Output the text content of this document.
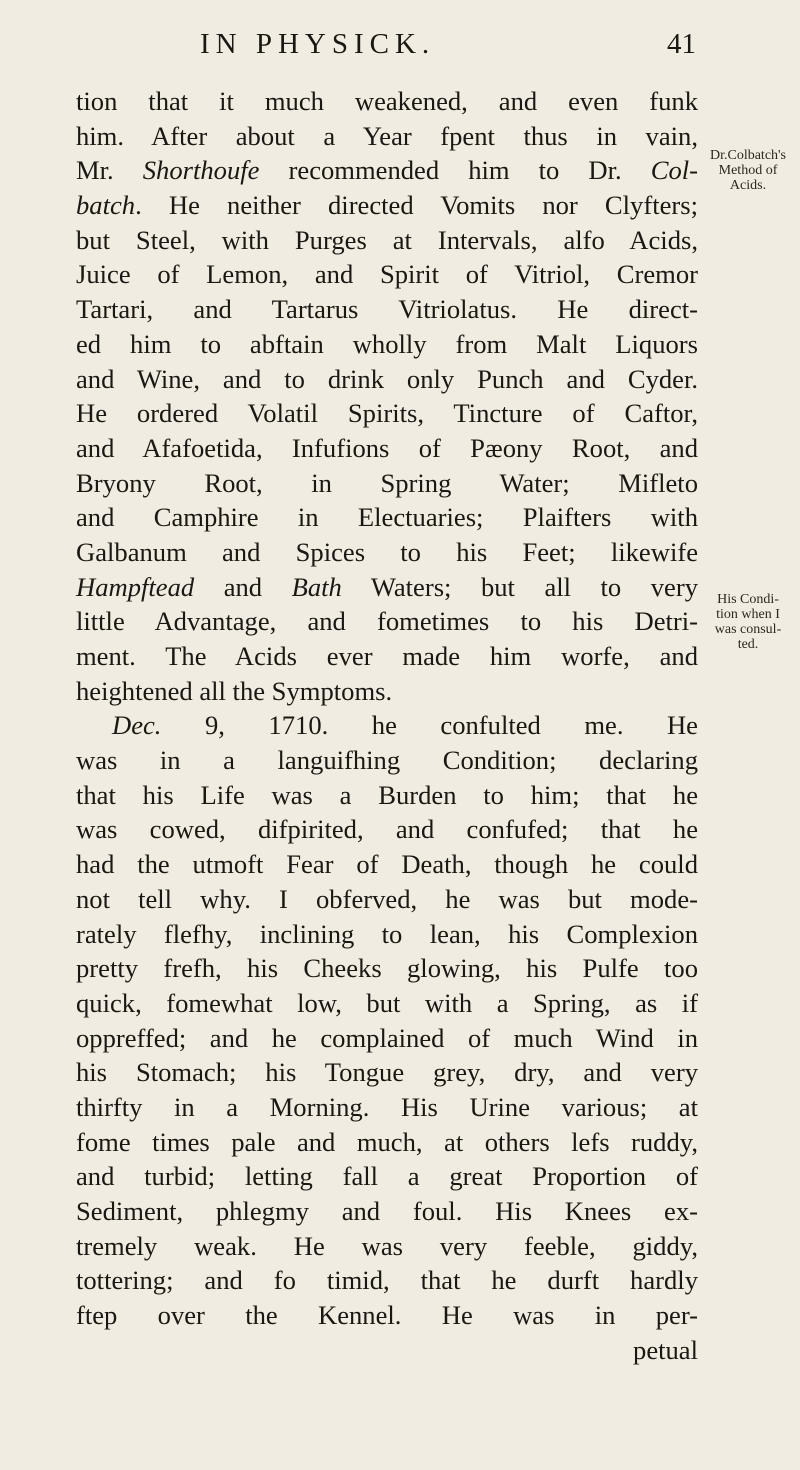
IN PHYSICK.	41
tion that it much weakened, and even funk
him. After about a Year fpent thus in vain,
Mr. Shorthoufe recommended him to Dr. Col-
batch. He neither directed Vomits nor Clyfters;
but Steel, with Purges at Intervals, alfo Acids,
Juice of Lemon, and Spirit of Vitriol, Cremor
Tartari, and Tartarus Vitriolatus. He direct-
ed him to abftain wholly from Malt Liquors
and Wine, and to drink only Punch and Cyder.
He ordered Volatil Spirits, Tincture of Caftor,
and Afafoetida, Infufions of Pæony Root, and
Bryony Root, in Spring Water; Mifleto
and Camphire in Electuaries; Plaifters with
Galbanum and Spices to his Feet; likewife
Hampftead and Bath Waters; but all to very
little Advantage, and fometimes to his Detri-
ment. The Acids ever made him worfe, and
heightened all the Symptoms.
Dec. 9, 1710. he confulted me. He
was in a languifhing Condition; declaring
that his Life was a Burden to him; that he
was cowed, difpirited, and confufed; that he
had the utmoft Fear of Death, though he could
not tell why. I obferved, he was but mode-
rately flefhy, inclining to lean, his Complexion
pretty frefh, his Cheeks glowing, his Pulfe too
quick, fomewhat low, but with a Spring, as if
oppreffed; and he complained of much Wind in
his Stomach; his Tongue grey, dry, and very
thirfty in a Morning. His Urine various; at
fome times pale and much, at others lefs ruddy,
and turbid; letting fall a great Proportion of
Sediment, phlegmy and foul. His Knees ex-
tremely weak. He was very feeble, giddy,
tottering; and fo timid, that he durft hardly
ftep over the Kennel. He was in per-
petual
Dr.Colbatch's
Method of
Acids.
His Condi-
tion when I
was consul-
ted.
